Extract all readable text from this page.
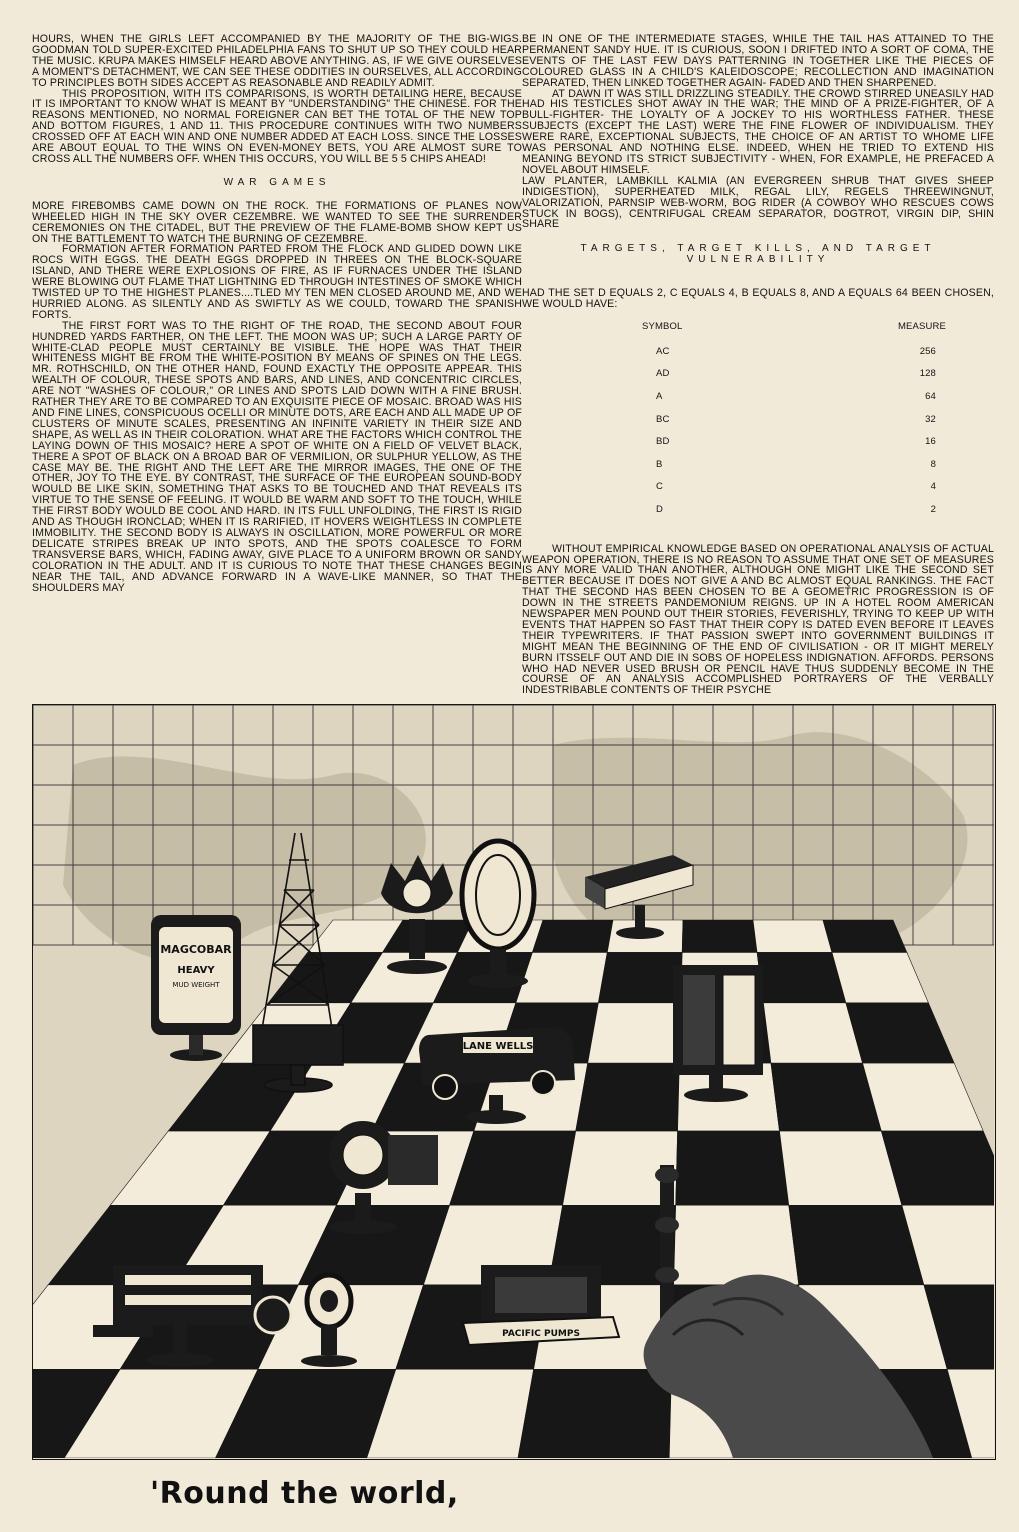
HOURS, WHEN THE GIRLS LEFT ACCOMPANIED BY THE MAJORITY OF THE BIG-WIGS. GOODMAN TOLD SUPER-EXCITED PHILADELPHIA FANS TO SHUT UP SO THEY COULD HEAR THE MUSIC. KRUPA MAKES HIMSELF HEARD ABOVE ANYTHING. AS, IF WE GIVE OURSELVES A MOMENT'S DETACHMENT, WE CAN SEE THESE ODDITIES IN OURSELVES, ALL ACCORDING TO PRINCIPLES BOTH SIDES ACCEPT AS REASONABLE AND READILY ADMIT.

THIS PROPOSITION, WITH ITS COMPARISONS, IS WORTH DETAILING HERE, BECAUSE IT IS IMPORTANT TO KNOW WHAT IS MEANT BY "UNDERSTANDING" THE CHINESE. FOR THE REASONS MENTIONED, NO NORMAL FOREIGNER CAN BET THE TOTAL OF THE NEW TOP AND BOTTOM FIGURES, 1 AND 11. THIS PROCEDURE CONTINUES WITH TWO NUMBERS CROSSED OFF AT EACH WIN AND ONE NUMBER ADDED AT EACH LOSS. SINCE THE LOSSES ARE ABOUT EQUAL TO THE WINS ON EVEN-MONEY BETS, YOU ARE ALMOST SURE TO CROSS ALL THE NUMBERS OFF. WHEN THIS OCCURS, YOU WILL BE 5 5 CHIPS AHEAD!

WAR GAMES

MORE FIREBOMBS CAME DOWN ON THE ROCK. THE FORMATIONS OF PLANES NOW WHEELED HIGH IN THE SKY OVER CEZEMBRE. WE WANTED TO SEE THE SURRENDER CEREMONIES ON THE CITADEL, BUT THE PREVIEW OF THE FLAME-BOMB SHOW KEPT US ON THE BATTLEMENT TO WATCH THE BURNING OF CEZEMBRE.

FORMATION AFTER FORMATION PARTED FROM THE FLOCK AND GLIDED DOWN LIKE ROCS WITH EGGS. THE DEATH EGGS DROPPED IN THREES ON THE BLOCK-SQUARE ISLAND, AND THERE WERE EXPLOSIONS OF FIRE, AS IF FURNACES UNDER THE ISLAND WERE BLOWING OUT FLAME THAT LIGHTNING ED THROUGH INTESTINES OF SMOKE WHICH TWISTED UP TO THE HIGHEST PLANES....TLED MY TEN MEN CLOSED AROUND ME, AND WE HURRIED ALONG. AS SILENTLY AND AS SWIFTLY AS WE COULD, TOWARD THE SPANISH FORTS.

THE FIRST FORT WAS TO THE RIGHT OF THE ROAD, THE SECOND ABOUT FOUR HUNDRED YARDS FARTHER, ON THE LEFT. THE MOON WAS UP; SUCH A LARGE PARTY OF WHITE-CLAD PEOPLE MUST CERTAINLY BE VISIBLE. THE HOPE WAS THAT THEIR WHITENESS MIGHT BE FROM THE WHITE-POSITION BY MEANS OF SPINES ON THE LEGS. MR. ROTHSCHILD, ON THE OTHER HAND, FOUND EXACTLY THE OPPOSITE APPEAR. THIS WEALTH OF COLOUR, THESE SPOTS AND BARS, AND LINES, AND CONCENTRIC CIRCLES, ARE NOT "WASHES OF COLOUR," OR LINES AND SPOTS LAID DOWN WITH A FINE BRUSH. RATHER THEY ARE TO BE COMPARED TO AN EXQUISITE PIECE OF MOSAIC. BROAD WAS HIS AND FINE LINES, CONSPICUOUS OCELLI OR MINUTE DOTS, ARE EACH AND ALL MADE UP OF CLUSTERS OF MINUTE SCALES, PRESENTING AN INFINITE VARIETY IN THEIR SIZE AND SHAPE, AS WELL AS IN THEIR COLORATION. WHAT ARE THE FACTORS WHICH CONTROL THE LAYING DOWN OF THIS MOSAIC? HERE A SPOT OF WHITE ON A FIELD OF VELVET BLACK, THERE A SPOT OF BLACK ON A BROAD BAR OF VERMILION, OR SULPHUR YELLOW, AS THE CASE MAY BE. THE RIGHT AND THE LEFT ARE THE MIRROR IMAGES, THE ONE OF THE OTHER, JOY TO THE EYE. BY CONTRAST, THE SURFACE OF THE EUROPEAN SOUND-BODY WOULD BE LIKE SKIN, SOMETHING THAT ASKS TO BE TOUCHED AND THAT REVEALS ITS VIRTUE TO THE SENSE OF FEELING. IT WOULD BE WARM AND SOFT TO THE TOUCH, WHILE THE FIRST BODY WOULD BE COOL AND HARD. IN ITS FULL UNFOLDING, THE FIRST IS RIGID AND AS THOUGH IRONCLAD; WHEN IT IS RARIFIED, IT HOVERS WEIGHTLESS IN COMPLETE IMMOBILITY. THE SECOND BODY IS ALWAYS IN OSCILLATION, MORE POWERFUL OR MORE DELICATE STRIPES BREAK UP INTO SPOTS, AND THE SPOTS COALESCE TO FORM TRANSVERSE BARS, WHICH, FADING AWAY, GIVE PLACE TO A UNIFORM BROWN OR SANDY COLORATION IN THE ADULT. AND IT IS CURIOUS TO NOTE THAT THESE CHANGES BEGIN NEAR THE TAIL, AND ADVANCE FORWARD IN A WAVE-LIKE MANNER, SO THAT THE SHOULDERS MAY

BE IN ONE OF THE INTERMEDIATE STAGES, WHILE THE TAIL HAS ATTAINED TO THE PERMANENT SANDY HUE. IT IS CURIOUS, SOON I DRIFTED INTO A SORT OF COMA, THE EVENTS OF THE LAST FEW DAYS PATTERNING IN TOGETHER LIKE THE PIECES OF COLOURED GLASS IN A CHILD'S KALEIDOSCOPE; RECOLLECTION AND IMAGINATION SEPARATED, THEN LINKED TOGETHER AGAIN- FADED AND THEN SHARPENED.

AT DAWN IT WAS STILL DRIZZLING STEADILY. THE CROWD STIRRED UNEASILY HAD HAD HIS TESTICLES SHOT AWAY IN THE WAR; THE MIND OF A PRIZE-FIGHTER, OF A BULL-FIGHTER- THE LOYALTY OF A JOCKEY TO HIS WORTHLESS FATHER. THESE SUBJECTS (EXCEPT THE LAST) WERE THE FINE FLOWER OF INDIVIDUALISM. THEY WERE RARE, EXCEPTIONAL SUBJECTS, THE CHOICE OF AN ARTIST TO WHOME LIFE WAS PERSONAL AND NOTHING ELSE. INDEED, WHEN HE TRIED TO EXTEND HIS MEANING BEYOND ITS STRICT SUBJECTIVITY - WHEN, FOR EXAMPLE, HE PREFACED A NOVEL ABOUT HIMSELF.

LAW PLANTER, LAMBKILL KALMIA (AN EVERGREEN SHRUB THAT GIVES SHEEP INDIGESTION), SUPERHEATED MILK, REGAL LILY, REGELS THREEWINGNUT, VALORIZATION, PARNSIP WEB-WORM, BOG RIDER (A COWBOY WHO RESCUES COWS STUCK IN BOGS), CENTRIFUGAL CREAM SEPARATOR, DOGTROT, VIRGIN DIP, SHIN SHARE

TARGETS, TARGET KILLS, AND TARGET
VULNERABILITY

HAD THE SET D EQUALS 2, C EQUALS 4, B EQUALS 8, AND A EQUALS 64 BEEN CHOSEN, WE WOULD HAVE:

SYMBOL	MEASURE
AC	256
AD	128
A	64
BC	32
BD	16
B	8
C	4
D	2

WITHOUT EMPIRICAL KNOWLEDGE BASED ON OPERATIONAL ANALYSIS OF ACTUAL WEAPON OPERATION, THERE IS NO REASON TO ASSUME THAT ONE SET OF MEASURES IS ANY MORE VALID THAN ANOTHER, ALTHOUGH ONE MIGHT LIKE THE SECOND SET BETTER BECAUSE IT DOES NOT GIVE A AND BC ALMOST EQUAL RANKINGS. THE FACT THAT THE SECOND HAS BEEN CHOSEN TO BE A GEOMETRIC PROGRESSION IS OF DOWN IN THE STREETS PANDEMONIUM REIGNS. UP IN A HOTEL ROOM AMERICAN NEWSPAPER MEN POUND OUT THEIR STORIES, FEVERISHLY, TRYING TO KEEP UP WITH EVENTS THAT HAPPEN SO FAST THAT THEIR COPY IS DATED EVEN BEFORE IT LEAVES THEIR TYPEWRITERS. IF THAT PASSION SWEPT INTO GOVERNMENT BUILDINGS IT MIGHT MEAN THE BEGINNING OF THE END OF CIVILISATION - OR IT MIGHT MERELY BURN ITSSELF OUT AND DIE IN SOBS OF HOPELESS INDIGNATION. AFFORDS. PERSONS WHO HAD NEVER USED BRUSH OR PENCIL HAVE THUS SUDDENLY BECOME IN THE COURSE OF AN ANALYSIS ACCOMPLISHED PORTRAYERS OF THE VERBALLY INDESTRIBABLE CONTENTS OF THEIR PSYCHE

MAGCOBAR
HEAVY
MUD WEIGHT
LANE WELLS
PACIFIC PUMPS
'Round the world,
